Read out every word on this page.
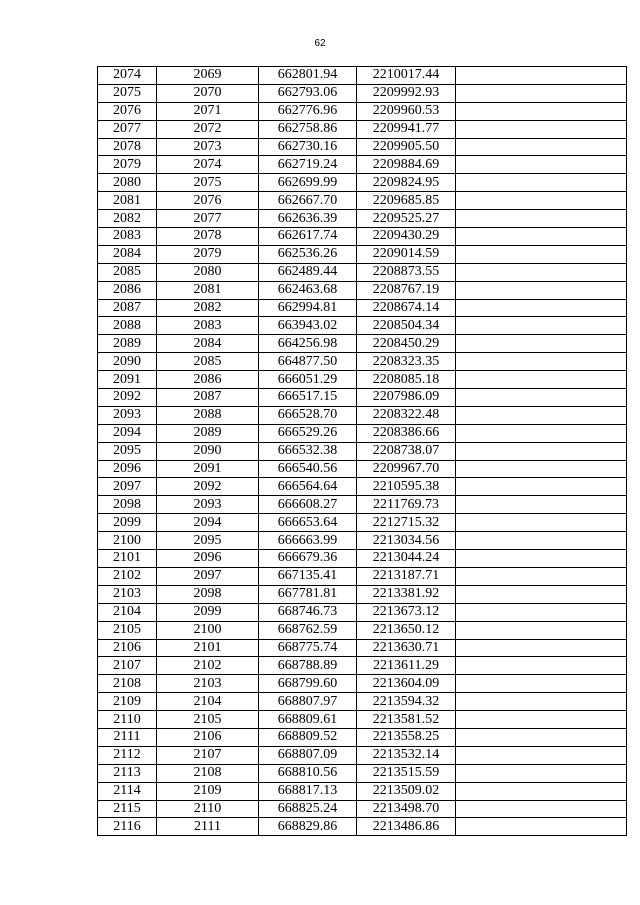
62
2074	2069	662801.94	2210017.44	
2075	2070	662793.06	2209992.93	
2076	2071	662776.96	2209960.53	
2077	2072	662758.86	2209941.77	
2078	2073	662730.16	2209905.50	
2079	2074	662719.24	2209884.69	
2080	2075	662699.99	2209824.95	
2081	2076	662667.70	2209685.85	
2082	2077	662636.39	2209525.27	
2083	2078	662617.74	2209430.29	
2084	2079	662536.26	2209014.59	
2085	2080	662489.44	2208873.55	
2086	2081	662463.68	2208767.19	
2087	2082	662994.81	2208674.14	
2088	2083	663943.02	2208504.34	
2089	2084	664256.98	2208450.29	
2090	2085	664877.50	2208323.35	
2091	2086	666051.29	2208085.18	
2092	2087	666517.15	2207986.09	
2093	2088	666528.70	2208322.48	
2094	2089	666529.26	2208386.66	
2095	2090	666532.38	2208738.07	
2096	2091	666540.56	2209967.70	
2097	2092	666564.64	2210595.38	
2098	2093	666608.27	2211769.73	
2099	2094	666653.64	2212715.32	
2100	2095	666663.99	2213034.56	
2101	2096	666679.36	2213044.24	
2102	2097	667135.41	2213187.71	
2103	2098	667781.81	2213381.92	
2104	2099	668746.73	2213673.12	
2105	2100	668762.59	2213650.12	
2106	2101	668775.74	2213630.71	
2107	2102	668788.89	2213611.29	
2108	2103	668799.60	2213604.09	
2109	2104	668807.97	2213594.32	
2110	2105	668809.61	2213581.52	
2111	2106	668809.52	2213558.25	
2112	2107	668807.09	2213532.14	
2113	2108	668810.56	2213515.59	
2114	2109	668817.13	2213509.02	
2115	2110	668825.24	2213498.70	
2116	2111	668829.86	2213486.86	
